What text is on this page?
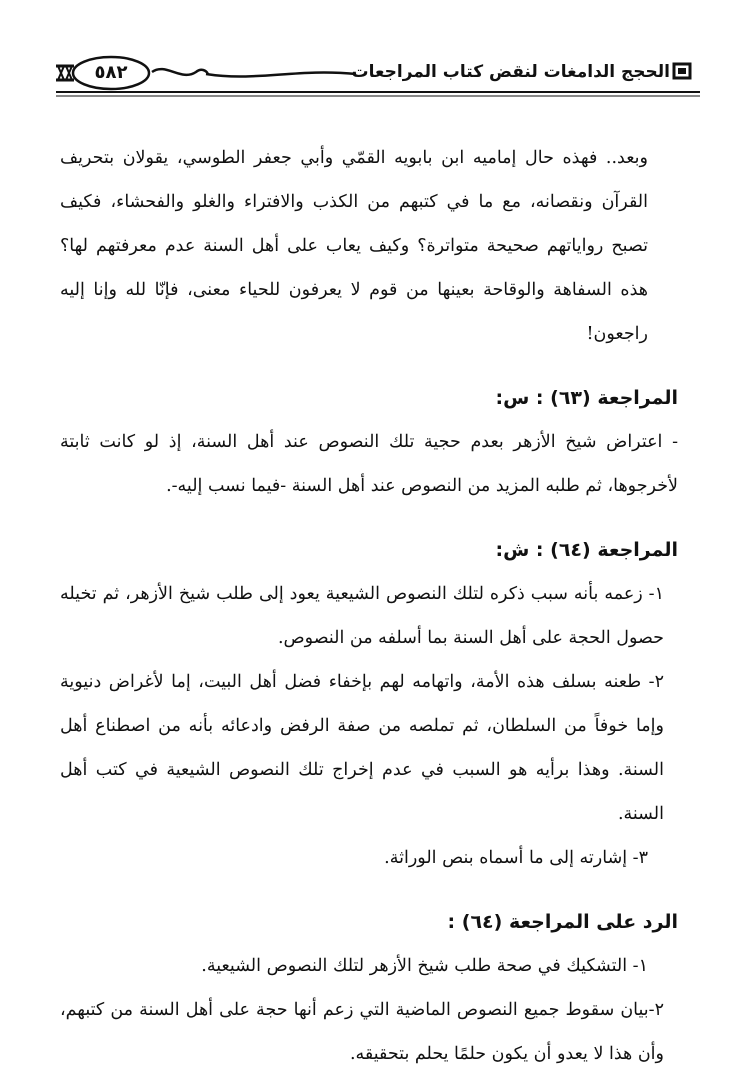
الحجج الدامغات لنقض كتاب المراجعات
٥٨٢

وبعد.. فهذه حال إماميه ابن بابويه القمّي وأبي جعفر الطوسي، يقولان بتحريف القرآن ونقصانه، مع ما في كتبهم من الكذب والافتراء والغلو والفحشاء، فكيف تصبح رواياتهم صحيحة متواترة؟ وكيف يعاب على أهل السنة عدم معرفتهم لها؟ هذه السفاهة والوقاحة بعينها من قوم لا يعرفون للحياء معنى، فإنّا لله وإنا إليه راجعون!

المراجعة (٦٣) : س:

- اعتراض شيخ الأزهر بعدم حجية تلك النصوص عند أهل السنة، إذ لو كانت ثابتة لأخرجوها، ثم طلبه المزيد من النصوص عند أهل السنة -فيما نسب إليه-.

المراجعة (٦٤) : ش:

١- زعمه بأنه سبب ذكره لتلك النصوص الشيعية يعود إلى طلب شيخ الأزهر، ثم تخيله حصول الحجة على أهل السنة بما أسلفه من النصوص.

٢- طعنه بسلف هذه الأمة، واتهامه لهم بإخفاء فضل أهل البيت، إما لأغراض دنيوية وإما خوفاً من السلطان، ثم تملصه من صفة الرفض وادعائه بأنه من اصطناع أهل السنة. وهذا برأيه هو السبب في عدم إخراج تلك النصوص الشيعية في كتب أهل السنة.

٣- إشارته إلى ما أسماه بنص الوراثة.

الرد على المراجعة (٦٤) :

١- التشكيك في صحة طلب شيخ الأزهر لتلك النصوص الشيعية.

٢-بيان سقوط جميع النصوص الماضية التي زعم أنها حجة على أهل السنة من كتبهم، وأن هذا لا يعدو أن يكون حلمًا يحلم بتحقيقه.
